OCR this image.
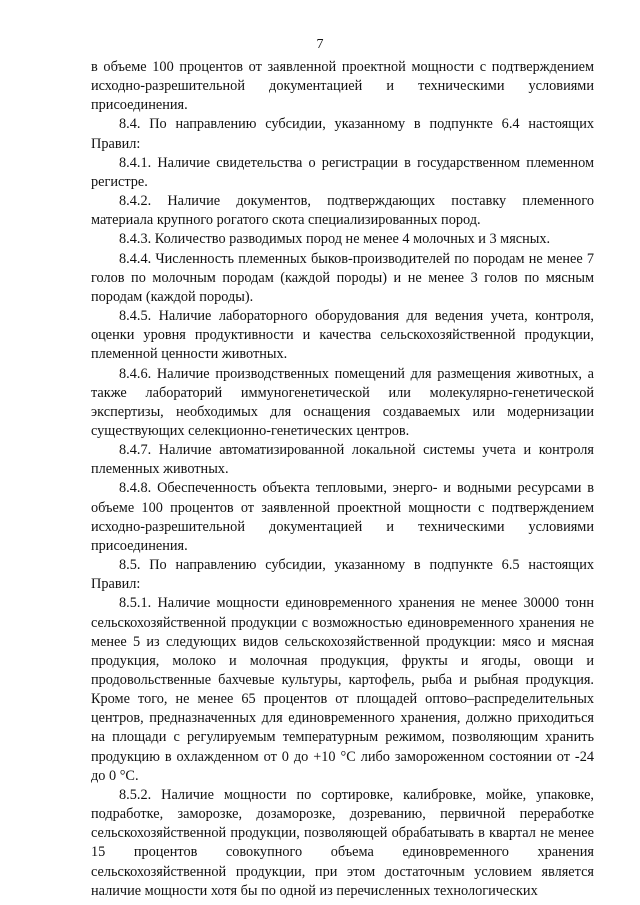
7

в объеме 100 процентов от заявленной проектной мощности с подтверждением исходно-разрешительной документацией и техническими условиями присоединения.

8.4. По направлению субсидии, указанному в подпункте 6.4 настоящих Правил:

8.4.1. Наличие свидетельства о регистрации в государственном племенном регистре.

8.4.2. Наличие документов, подтверждающих поставку племенного материала крупного рогатого скота специализированных пород.

8.4.3. Количество разводимых пород не менее 4 молочных и 3 мясных.

8.4.4. Численность племенных быков-производителей по породам не менее 7 голов по молочным породам (каждой породы) и не менее 3 голов по мясным породам (каждой породы).

8.4.5. Наличие лабораторного оборудования для ведения учета, контроля, оценки уровня продуктивности и качества сельскохозяйственной продукции, племенной ценности животных.

8.4.6. Наличие производственных помещений для размещения животных, а также лабораторий иммуногенетической или молекулярно-генетической экспертизы, необходимых для оснащения создаваемых или модернизации существующих селекционно-генетических центров.

8.4.7. Наличие автоматизированной локальной системы учета и контроля племенных животных.

8.4.8. Обеспеченность объекта тепловыми, энерго- и водными ресурсами в объеме 100 процентов от заявленной проектной мощности с подтверждением исходно-разрешительной документацией и техническими условиями присоединения.

8.5. По направлению субсидии, указанному в подпункте 6.5 настоящих Правил:

8.5.1. Наличие мощности единовременного хранения не менее 30000 тонн сельскохозяйственной продукции с возможностью единовременного хранения не менее 5 из следующих видов сельскохозяйственной продукции: мясо и мясная продукция, молоко и молочная продукция, фрукты и ягоды, овощи и продовольственные бахчевые культуры, картофель, рыба и рыбная продукция. Кроме того, не менее 65 процентов от площадей оптово–распределительных центров, предназначенных для единовременного хранения, должно приходиться на площади с регулируемым температурным режимом, позволяющим хранить продукцию в охлажденном от 0 до +10 °С либо замороженном состоянии от -24 до 0 °С.

8.5.2. Наличие мощности по сортировке, калибровке, мойке, упаковке, подработке, заморозке, дозаморозке, дозреванию, первичной переработке сельскохозяйственной продукции, позволяющей обрабатывать в квартал не менее 15 процентов совокупного объема единовременного хранения сельскохозяйственной продукции, при этом достаточным условием является наличие мощности хотя бы по одной из перечисленных технологических
